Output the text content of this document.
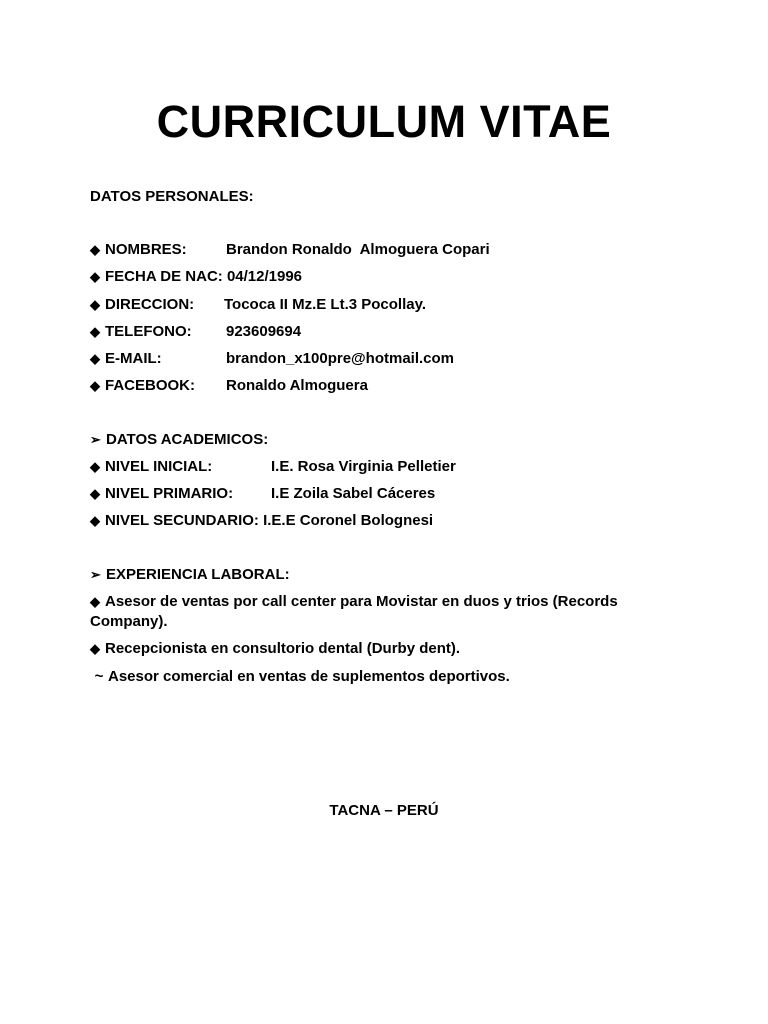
CURRICULUM VITAE
DATOS PERSONALES:
◆ NOMBRES:	Brandon Ronaldo  Almoguera Copari
◆ FECHA DE NAC: 04/12/1996
◆ DIRECCION: Tococa II Mz.E Lt.3 Pocollay.
◆ TELEFONO: 923609694
◆ E-MAIL:	brandon_x100pre@hotmail.com
◆ FACEBOOK: Ronaldo Almoguera
➢ DATOS ACADEMICOS:
◆ NIVEL INICIAL:	I.E. Rosa Virginia Pelletier
◆ NIVEL PRIMARIO:	I.E Zoila Sabel Cáceres
◆ NIVEL SECUNDARIO: I.E.E Coronel Bolognesi
➢ EXPERIENCIA LABORAL:
◆ Asesor de ventas por call center para Movistar en duos y trios (Records Company).
◆ Recepcionista en consultorio dental (Durby dent).
~ Asesor comercial en ventas de suplementos deportivos.
TACNA – PERÚ
